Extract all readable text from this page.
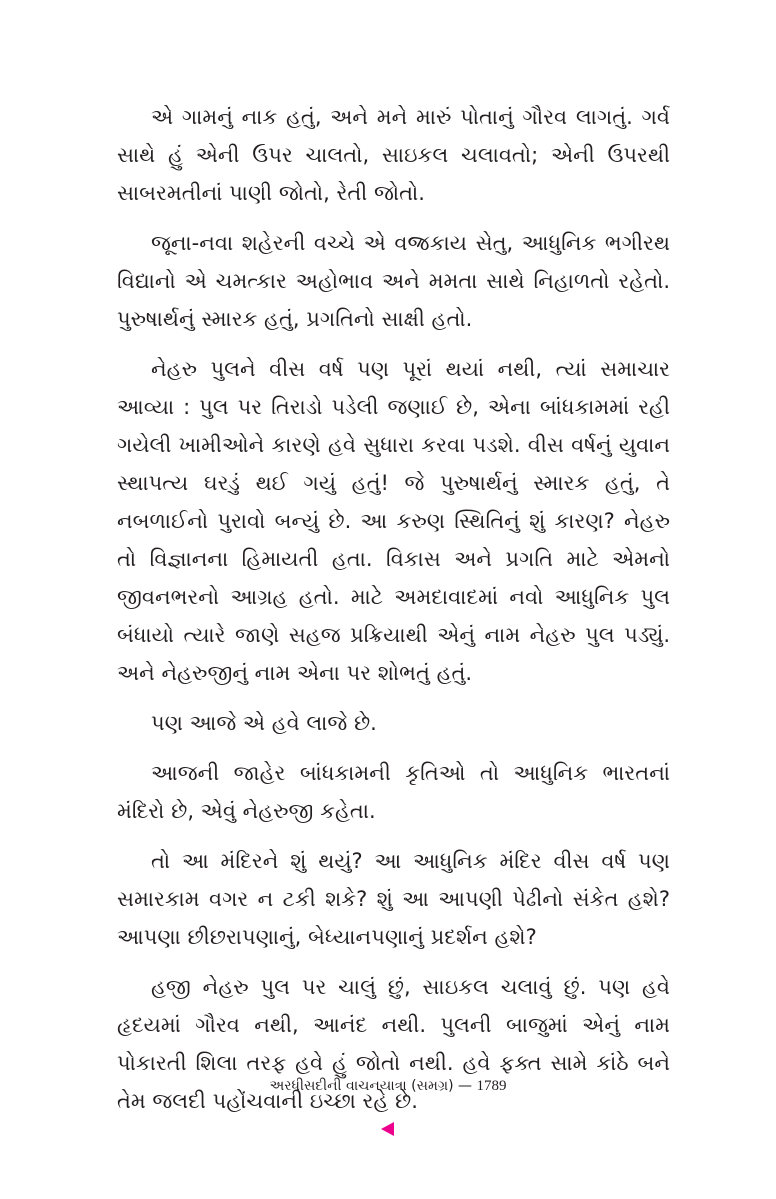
એ ગામનું નાક હતું, અને મને મારું પોતાનું ગૌરવ લાગતું. ગર્વ સાથે હું એની ઉપર ચાલતો, સાઇકલ ચલાવતો; એની ઉપરથી સાબરમતીનાં પાણી જોતો, રેતી જોતો.

જૂના-નવા શહેરની વચ્ચે એ વજ્રકાય સેતુ, આધુનિક ભગીરથ વિદ્યાનો એ ચમત્કાર અહોભાવ અને મમતા સાથે નિહાળતો રહેતો. પુરુષાર્થનું સ્મારક હતું, પ્રગતિનો સાક્ષી હતો.

નેહરુ પુલને વીસ વર્ષ પણ પૂરાં થયાં નથી, ત્યાં સમાચાર આવ્યા : પુલ પર તિરાડો પડેલી જણાઈ છે, એના બાંધકામમાં રહી ગયેલી ખામીઓને કારણે હવે સુધારા કરવા પડશે. વીસ વર્ષનું યુવાન સ્થાપત્ય ઘરડું થઈ ગયું હતું! જે પુરુષાર્થનું સ્મારક હતું, તે નબળાઈનો પુરાવો બન્યું છે. આ કરુણ સ્થિતિનું શું કારણ? નેહરુ તો વિજ્ઞાનના હિમાયતી હતા. વિકાસ અને પ્રગતિ માટે એમનો જીવનભરનો આગ્રહ હતો. માટે અમદાવાદમાં નવો આધુનિક પુલ બંધાયો ત્યારે જાણે સહજ પ્રક્રિયાથી એનું નામ નેહરુ પુલ પડ્યું. અને નેહરુજીનું નામ એના પર શોભતું હતું.

પણ આજે એ હવે લાજે છે.

આજની જાહેર બાંધકામની કૃતિઓ તો આધુનિક ભારતનાં મંદિરો છે, એવું નેહરુજી કહેતા.

તો આ મંદિરને શું થયું? આ આધુનિક મંદિર વીસ વર્ષ પણ સમારકામ વગર ન ટકી શકે? શું આ આપણી પેઢીનો સંકેત હશે? આપણા છીછરાપણાનું, બેધ્યાનપણાનું પ્રદર્શન હશે?

હજી નેહરુ પુલ પર ચાલું છું, સાઇકલ ચલાવું છું. પણ હવે હૃદયમાં ગૌરવ નથી, આનંદ નથી. પુલની બાજુમાં એનું નામ પોકારતી શિલા તરફ હવે હું જોતો નથી. હવે ફક્ત સામે કાંઠે બને તેમ જલદી પહોંચવાની ઇચ્છા રહે છે.

અરધીસદીની વાચનયાત્રા (સમગ્ર) — 1789
